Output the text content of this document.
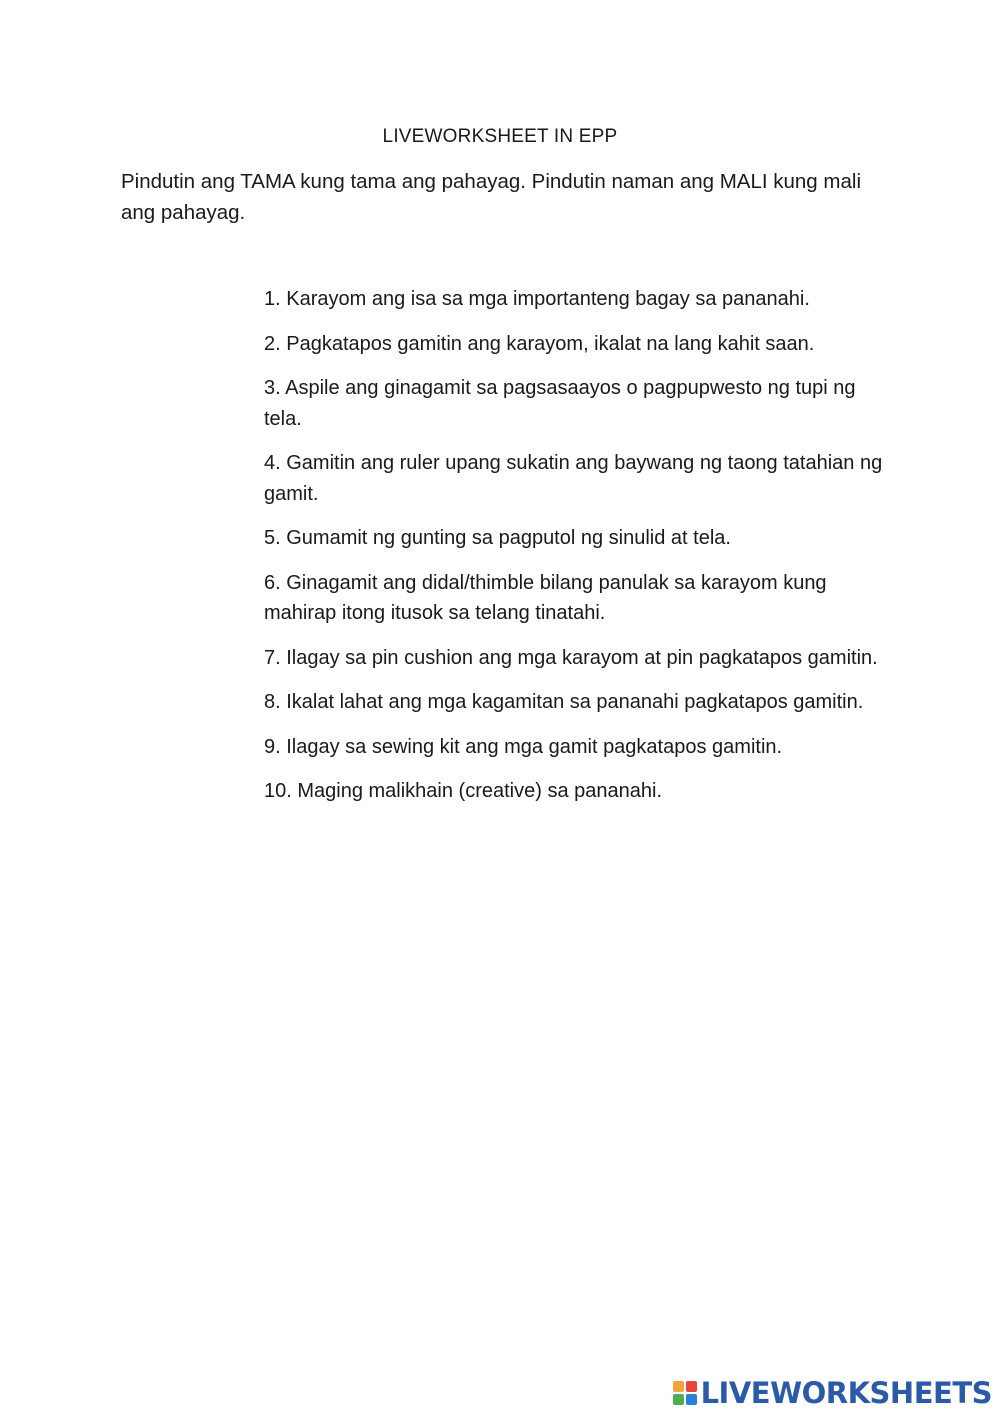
LIVEWORKSHEET IN EPP
Pindutin ang TAMA kung tama ang pahayag. Pindutin naman ang MALI kung mali ang pahayag.
1. Karayom ang isa sa mga importanteng bagay sa pananahi.
2. Pagkatapos gamitin ang karayom, ikalat na lang kahit saan.
3. Aspile ang ginagamit sa pagsasaayos o pagpupwesto ng tupi ng tela.
4. Gamitin ang ruler upang sukatin ang baywang ng taong tatahian ng gamit.
5. Gumamit ng gunting sa pagputol ng sinulid at tela.
6. Ginagamit ang didal/thimble bilang panulak sa karayom kung mahirap itong itusok sa telang tinatahi.
7. Ilagay sa pin cushion ang mga karayom at pin pagkatapos gamitin.
8. Ikalat lahat ang mga kagamitan sa pananahi pagkatapos gamitin.
9. Ilagay sa sewing kit ang mga gamit pagkatapos gamitin.
10. Maging malikhain (creative) sa pananahi.
LIVEWORKSHEETS
